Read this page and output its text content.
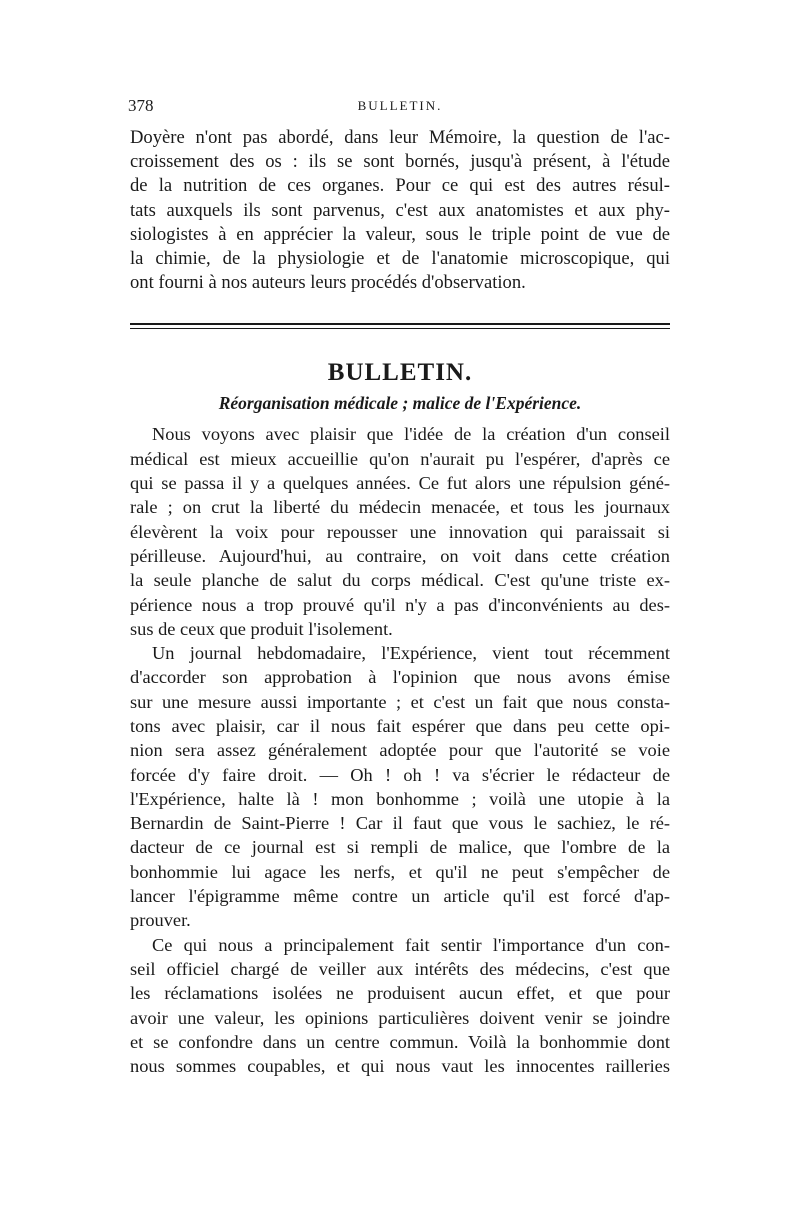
378	BULLETIN.
Doyère n'ont pas abordé, dans leur Mémoire, la question de l'ac-
croissement des os : ils se sont bornés, jusqu'à présent, à l'étude
de la nutrition de ces organes. Pour ce qui est des autres résul-
tats auxquels ils sont parvenus, c'est aux anatomistes et aux phy-
siologistes à en apprécier la valeur, sous le triple point de vue de
la chimie, de la physiologie et de l'anatomie microscopique, qui
ont fourni à nos auteurs leurs procédés d'observation.
BULLETIN.
Réorganisation médicale ; malice de l'Expérience.
Nous voyons avec plaisir que l'idée de la création d'un conseil
médical est mieux accueillie qu'on n'aurait pu l'espérer, d'après ce
qui se passa il y a quelques années. Ce fut alors une répulsion géné-
rale ; on crut la liberté du médecin menacée, et tous les journaux
élevèrent la voix pour repousser une innovation qui paraissait si
périlleuse. Aujourd'hui, au contraire, on voit dans cette création
la seule planche de salut du corps médical. C'est qu'une triste ex-
périence nous a trop prouvé qu'il n'y a pas d'inconvénients au des-
sus de ceux que produit l'isolement.
Un journal hebdomadaire, l'Expérience, vient tout récemment
d'accorder son approbation à l'opinion que nous avons émise
sur une mesure aussi importante ; et c'est un fait que nous consta-
tons avec plaisir, car il nous fait espérer que dans peu cette opi-
nion sera assez généralement adoptée pour que l'autorité se voie
forcée d'y faire droit. — Oh ! oh ! va s'écrier le rédacteur de
l'Expérience, halte là ! mon bonhomme ; voilà une utopie à la
Bernardin de Saint-Pierre ! Car il faut que vous le sachiez, le ré-
dacteur de ce journal est si rempli de malice, que l'ombre de la
bonhommie lui agace les nerfs, et qu'il ne peut s'empêcher de
lancer l'épigramme même contre un article qu'il est forcé d'ap-
prouver.
Ce qui nous a principalement fait sentir l'importance d'un con-
seil officiel chargé de veiller aux intérêts des médecins, c'est que
les réclamations isolées ne produisent aucun effet, et que pour
avoir une valeur, les opinions particulières doivent venir se joindre
et se confondre dans un centre commun. Voilà la bonhommie dont
nous sommes coupables, et qui nous vaut les innocentes railleries
